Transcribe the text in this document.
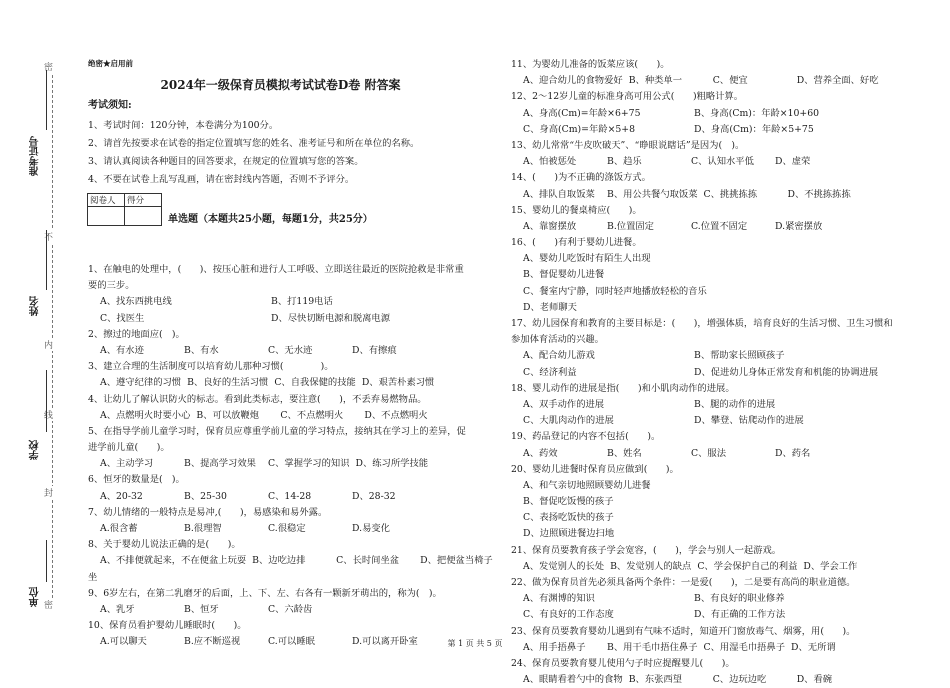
密
不
内
线
封
密
准考证号
姓名
学校
单位
绝密★启用前
2024年一级保育员模拟考试试卷D卷 附答案
考试须知:
1、考试时间：120分钟，本卷满分为100分。
2、请首先按要求在试卷的指定位置填写您的姓名、准考证号和所在单位的名称。
3、请认真阅读各种题目的回答要求，在规定的位置填写您的答案。
4、不要在试卷上乱写乱画，请在密封线内答题，否则不予评分。
阅卷人	得分

单选题（本题共25小题，每题1分，共25分）
1、在触电的处理中，(　　)、按压心脏和进行人工呼吸、立即送往最近的医院抢救是非常重
要的三步。
A、找东西挑电线	B、打119电话
C、找医生	D、尽快切断电源和脱离电源
2、擦过的地面应(　)。
A、有水迹	B、有水	C、无水迹	D、有擦痕
3、建立合理的生活制度可以培育幼儿那种习惯(　　　　)。
A、遵守纪律的习惯 B、良好的生活习惯 C、自我保健的技能 D、艰苦朴素习惯
4、让幼儿了解认识防火的标志。看到此类标志，要注意(　　)，不丢弃易燃物品。
A、点燃明火时要小心 B、可以放鞭炮 C、不点燃明火 D、不点燃明火
5、在指导学前儿童学习时，保育员应尊重学前儿童的学习特点，接纳其在学习上的差异，促
进学前儿童(　　)。
A、主动学习	B、提高学习效果 C、掌握学习的知识 D、练习所学技能
6、恒牙的数量是(　)。
A、20-32	B、25-30	C、14-28	D、28-32
7、幼儿情绪的一般特点是易冲,(　　)，易感染和易外露。
A.很含蓄	B.很理智	C.很稳定	D.易变化
8、关于婴幼儿说法正确的是(　　)。
A、不排便就起来，不在便盆上玩耍 B、边吃边排	C、长时间坐盆 D、把便盆当椅子
坐
9、6岁左右，在第二乳磨牙的后面，上、下、左、右各有一颗新牙萌出的，称为(　)。
A、乳牙	B、恒牙	C、六龄齿
10、保育员看护婴幼儿睡眠时(　　)。
A.可以聊天	B.应不断巡视	C.可以睡眠	D.可以离开卧室
11、为婴幼儿准备的饭菜应该(　　)。
A、迎合幼儿的食物爱好 B、种类单一	C、便宜	D、营养全面、好吃
12、2～12岁儿童的标准身高可用公式(　　)粗略计算。
A、身高(Cm)=年龄×6+75	B、身高(Cm)：年龄×10+60
C、身高(Cm)=年龄×5+8	D、身高(Cm)：年龄×5+75
13、幼儿常常“牛皮吹破天”、“睁眼说瞎话”是因为(　)。
A、怕被惩处	B、趋乐	C、认知水平低 D、虚荣
14、(　　)为不正确的涤饭方式。
A、排队自取饭菜 B、用公共餐勺取饭菜 C、挑挑拣拣	D、不挑拣拣拣
15、婴幼儿的餐桌椅应(　　)。
A、靠窗摆放	B.位置固定	C.位置不固定	D.紧密摆放
16、(　　)有利于婴幼儿进餐。
A、婴幼儿吃饭时有陌生人出现
B、督促婴幼儿进餐
C、餐室内宁静，同时轻声地播放轻松的音乐
D、老师聊天
17、幼儿园保育和教育的主要目标是：(　　)，增强体质，培育良好的生活习惯、卫生习惯和
参加体育活动的兴趣。
A、配合幼儿游戏	B、帮助家长照顾孩子
C、经济利益	D、促进幼儿身体正常发育和机能的协调进展
18、婴儿动作的进展是指(　　)和小肌肉动作的进展。
A、双手动作的进展	B、腿的动作的进展
C、大肌肉动作的进展	D、攀登、钻爬动作的进展
19、药品登记的内容不包括(　　)。
A、药效	B、姓名	C、服法	D、药名
20、婴幼儿进餐时保育员应做到(　　)。
A、和气亲切地照顾婴幼儿进餐
B、督促吃饭慢的孩子
C、表扬吃饭快的孩子
D、边照顾进餐边扫地
21、保育员要教育孩子学会宽容，(　　)，学会与别人一起游戏。
A、发觉别人的长处 B、发觉别人的缺点 C、学会保护自己的利益 D、学会工作
22、做为保育员首先必须具备两个条件：一是爱(　　)，二是要有高尚的职业道德。
A、有渊博的知识	B、有良好的职业修养
C、有良好的工作态度	D、有正确的工作方法
23、保育员要教育婴幼儿遇到有气味不适时，知道开门窗放毒气、烟雾，用(　　)。
A、用手捂鼻子 B、用干毛巾捂住鼻子 C、用湿毛巾捂鼻子 D、无所谓
24、保育员要教育婴儿使用勺子时应提醒婴儿(　　)。
A、眼睛看着勺中的食物 B、东张西望	C、边玩边吃	D、看碗
第 1 页 共 5 页
